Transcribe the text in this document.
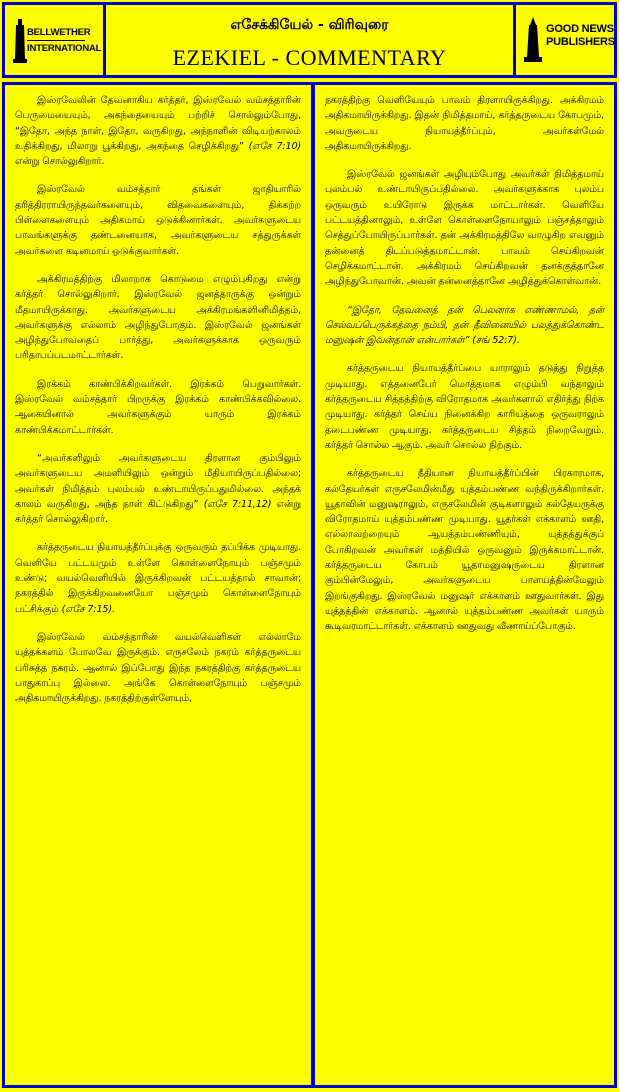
BELLWETHER
INTERNATIONAL
எசேக்கியேல் - விரிவுரை
EZEKIEL - COMMENTARY
GOOD NEWS
PUBLISHERS

இஸ்ரவேலின் தேவனாகிய கர்த்தர், இஸ்ரவேல் வம்சத்தாரின் பெருமையையும், அகந்தையையும் பற்றிச் சொல்லும்போது, “இதோ, அந்த நாள், இதோ, வருகிறது, அந்நாளின் விடியற்காலம் உதிக்கிறது, மிலாறு பூக்கிறது, அகந்தை செழிக்கிறது” (எசே 7:10) என்று சொல்லுகிறார்.

இஸ்ரவேல் வம்சத்தார் தங்கள் ஜாதியாரில் தரித்திரராயிருந்தவர்களையும், விதவைகளையும், திக்கற்ற பிள்ளைகளையும் அதிகமாய் ஒடுக்கினார்கள். அவர்களுடைய பாவங்களுக்கு தண்டனையாக, அவர்களுடைய சத்துருக்கள் அவர்களை கடினமாய் ஒடுக்குவார்கள்.

அக்கிரமத்திற்கு மிலாறாக கொடுமை எழும்புகிறது என்று கர்த்தர் சொல்லுகிறார். இஸ்ரவேல் ஜனத்தாருக்கு ஒன்றும் மீதமாயிருக்காது. அவர்களுடைய அக்கிரமங்களினிமித்தம், அவர்களுக்கு எல்லாம் அழிந்துபோகும். இஸ்ரவேல் ஜனங்கள் அழிந்துபோவதைப் பார்த்து, அவர்களுக்காக ஒருவரும் பரிதாபப்படமாட்டார்கள்.

இரக்கம் காண்பிக்கிறவர்கள். இரக்கம் பெறுவார்கள். இஸ்ரவேல் வம்சத்தார் பிறருக்கு இரக்கம் காண்பிக்கவில்லை. ஆகையினால் அவர்களுக்கும் யாரும் இரக்கம் காண்பிக்கமாட்டார்கள்.

“அவர்களிலும் அவர்களுடைய திரளான கும்பிலும் அவர்களுடைய அமளியிலும் ஒன்றும் மீதியாயிருப்பதில்லை; அவர்கள் நிமித்தம் புலம்பல் உண்டாயிருப்பதுமில்லை. அந்தக் காலம் வருகிறது, அந்த நாள் கிட்டுகிறது” (எசே 7:11,12) என்று கர்த்தர் சொல்லுகிறார்.

கர்த்தருடைய நியாயத்தீர்ப்புக்கு ஒருவரும் தப்பிக்க முடியாது. வெளியே பட்டயமும் உள்ளே கொள்ளைநோயும் பஞ்சமும் உண்டு; வயல்வெளியில் இருக்கிறவன் பட்டயத்தால் சாவான்; நகரத்தில் இருக்கிறவனையோ பஞ்சமும் கொள்ளைநோயும் பட்சிக்கும் (எசே 7:15).

இஸ்ரவேல் வம்சத்தாரின் வயல்வெளிகள் எல்லாமே யுத்தக்களம் போலவே இருக்கும். எருசலேம் நகரம் கர்த்தருடைய பரிசுத்த நகரம். ஆனால் இப்போது இந்த நகரத்திற்கு கர்த்தருடைய பாதுகாப்பு இல்லை. அங்கே கொள்ளைநோயும் பஞ்சமும் அதிகமாயிருக்கிறது. நகரத்திற்குள்ளேயும்,

நகரத்திற்கு வெளியேயும் பாவம் திரளாயிருக்கிறது. அக்கிரமம் அதிகமாயிருக்கிறது. இதன் நிமித்தமாய், கர்த்தருடைய கோபமும், அவருடைய நியாயத்தீர்ப்பும், அவர்கள்மேல் அதிகமாயிருக்கிறது.

இஸ்ரவேல் ஜனங்கள் அழியும்போது அவர்கள் நிமித்தமாய் புலம்பல் உண்டாயிருப்பதில்லை. அவர்களுக்காக புலம்ப ஒருவரும் உயிரோடு இருக்க மாட்டார்கள். வெளியே பட்டயத்தினாலும், உள்ளே கொள்ளைநோயாலும் பஞ்சத்தாலும் செத்துப்போயிருப்பார்கள். தன் அக்கிரமத்திலே வாழுகிற எவனும் தன்னைத் திடப்படுத்தமாட்டான். பாவம் செய்கிறவன் செழிக்கமாட்டான். அக்கிரமம் செய்கிறவன் தனக்குத்தானே அழிந்துபோவான். அவன் தன்னைத்தானே அழித்துக்கொள்வான்.

“இதோ, தேவனைத் தன் பெலனாக எண்ணாமல், தன் செல்வப்பெருக்கத்தை நம்பி, தன் தீவினையில் பலத்துக்கொண்ட மனுஷன் இவன்தான் என்பார்கள்” (சங் 52:7).

கர்த்தருடைய நியாயத்தீர்ப்பை யாராலும் தடுத்து நிறுத்த முடியாது. எத்தனைபேர் மொத்தமாக எழும்பி வந்தாலும் கர்த்தருடைய சித்தத்திற்கு விரோதமாக அவர்களால் எதிர்த்து நிற்க முடியாது. கர்த்தர் செய்ய நினைக்கிற காரியத்தை ஒருவராலும் தடைபண்ண முடியாது. கர்த்தருடைய சித்தம் நிறைவேறும். கர்த்தர் சொல்ல ஆகும். அவர் சொல்ல நிற்கும்.

கர்த்தருடைய நீதியான நியாயத்தீர்ப்பின் பிரகாரமாக, கல்தேயர்கள் எருசலேமின்மீது யுத்தம்பண்ண வந்திருக்கிறார்கள். யூதாவின் மனுஷராலும், எருசலேமின் குடிகளாலும் கல்தேயருக்கு விரோதமாய் யுத்தம்பண்ண முடியாது. யூதர்கள் எக்காளம் ஊதி, எல்லாவற்றையும் ஆயத்தம்பண்ணியும், யுத்தத்துக்குப் போகிறவன் அவர்கள் மத்தியில் ஒருவனும் இருக்கமாட்டான். கர்த்தருடைய கோபம் யூதாமனுஷருடைய திரளான கும்பின்மேலும், அவர்களுடைய பாளயத்தின்மேலும் இறங்குகிறது. இஸ்ரவேல் மனுஷர் எக்காளம் ஊதுவார்கள். இது யுத்தத்தின் எக்காளம். ஆனால் யுத்தம்பண்ண அவர்கள் யாரும் கூடிவரமாட்டார்கள். எக்காளம் ஊதுவது வீணாய்ப்போகும்.
